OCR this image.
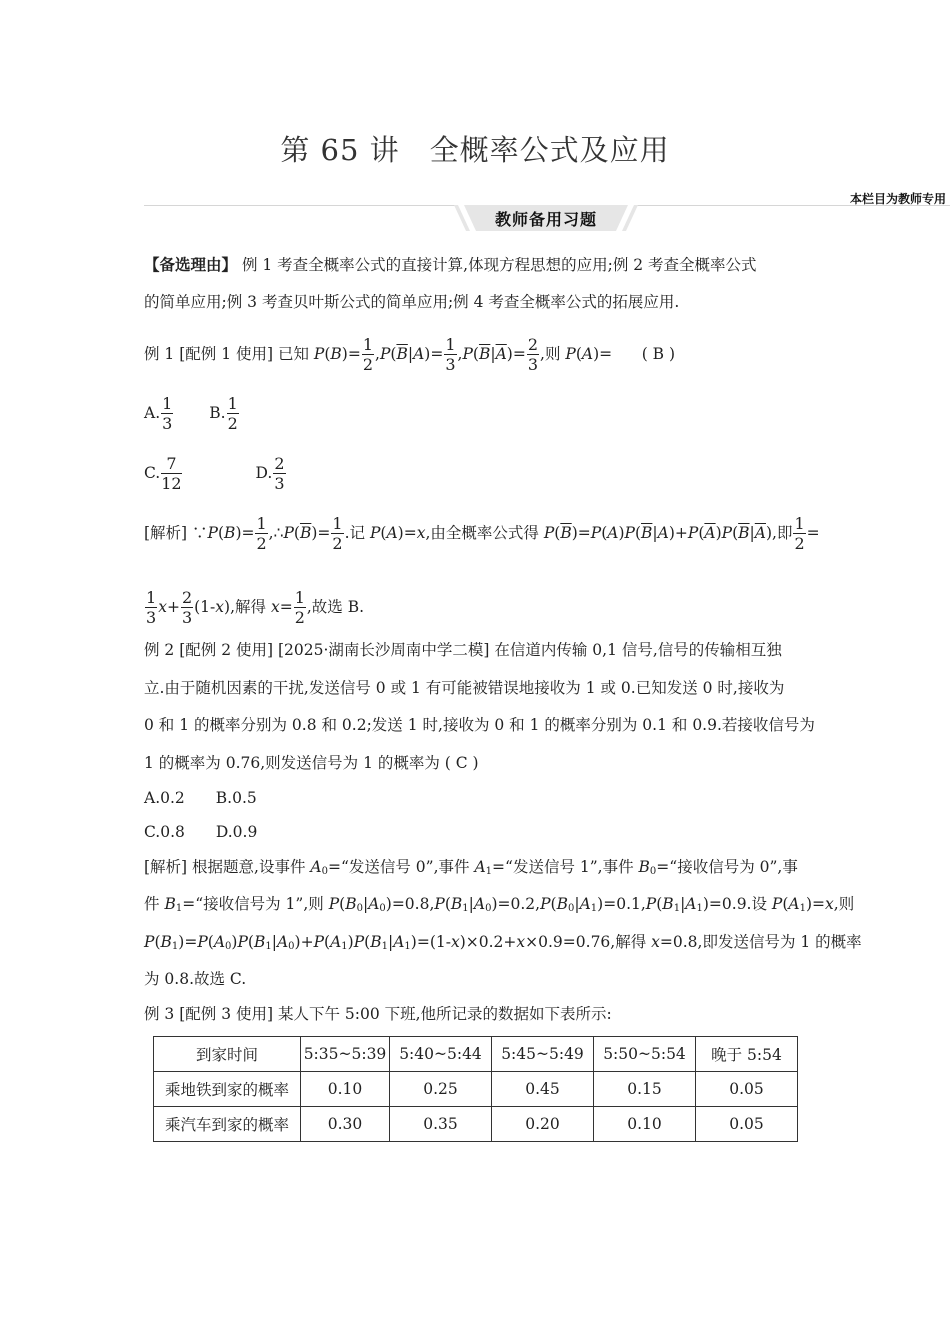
第 65 讲　全概率公式及应用
本栏目为教师专用
教师备用习题
【备选理由】 例 1 考查全概率公式的直接计算,体现方程思想的应用;例 2 考查全概率公式
的简单应用;例 3 考查贝叶斯公式的简单应用;例 4 考查全概率公式的拓展应用.
例 1 [配例 1 使用] 已知 $P(B)= \frac{1}{2} ,P(\overline{B}|A)= \frac{1}{3} ,P(\overline{B}|\overline{A})= \frac{2}{3}$ ,则 P(A)=      ( B )
A. $\frac{1}{3} B$. $\frac{1}{2}$
C. $\frac{7}{12}$	D. $\frac{2}{3}$
[解析] ∵P(B)= $\frac{1}{2}$ $,\therefore P(\overline{B})= \frac{1}{2}$ .记 P(A)=x,由全概率公式得 $P(\overline{B})=P(A)P(\overline{B}|A)+P(\overline{A})P(\overline{B}|\overline{A})$,即 $\frac{1}{2}$ =
$\frac{1}{3} x+ \frac{2}{3} (1-x)$,解得 $x= \frac{1}{2}$ ,故选 B.
例 2 [配例 2 使用] [2025·湖南长沙周南中学二模] 在信道内传输 0,1 信号,信号的传输相互独
立.由于随机因素的干扰,发送信号 0 或 1 有可能被错误地接收为 1 或 0.已知发送 0 时,接收为
0 和 1 的概率分别为 0.8 和 0.2;发送 1 时,接收为 0 和 1 的概率分别为 0.1 和 0.9.若接收信号为
1 的概率为 0.76,则发送信号为 1 的概率为 ( C )
A.0.2　　B.0.5
C.0.8　　D.0.9
[解析] 根据题意,设事件 $A_0=“$发送信号 0”,事件 $A_1=“$发送信号 1”,事件 $B_0=“$接收信号为 0”,事
件 $B_1=“$接收信号为 1”,则 $P(B_0|A_0)=0.8,P(B_1|A_0)=0.2,P(B_0|A_1)=0.1,P(B_1|A_1)=0.9$.设 $P(A_1)=x$,则
$P(B_1)=P(A_0)P(B_1|A_0)+P(A_1)P(B_1|A_1)=(1-x)\times 0.2+x\times 0.9=0.76$,解得 x=0.8,即发送信号为 1 的概率
为 0.8.故选 C.
例 3 [配例 3 使用] 某人下午 5:00 下班,他所记录的数据如下表所示:
到家时间	5:35~5:39	5:40~5:44	5:45~5:49	5:50~5:54	晚于 5:54
乘地铁到家的概率	0.10	0.25	0.45	0.15	0.05
乘汽车到家的概率	0.30	0.35	0.20	0.10	0.05
